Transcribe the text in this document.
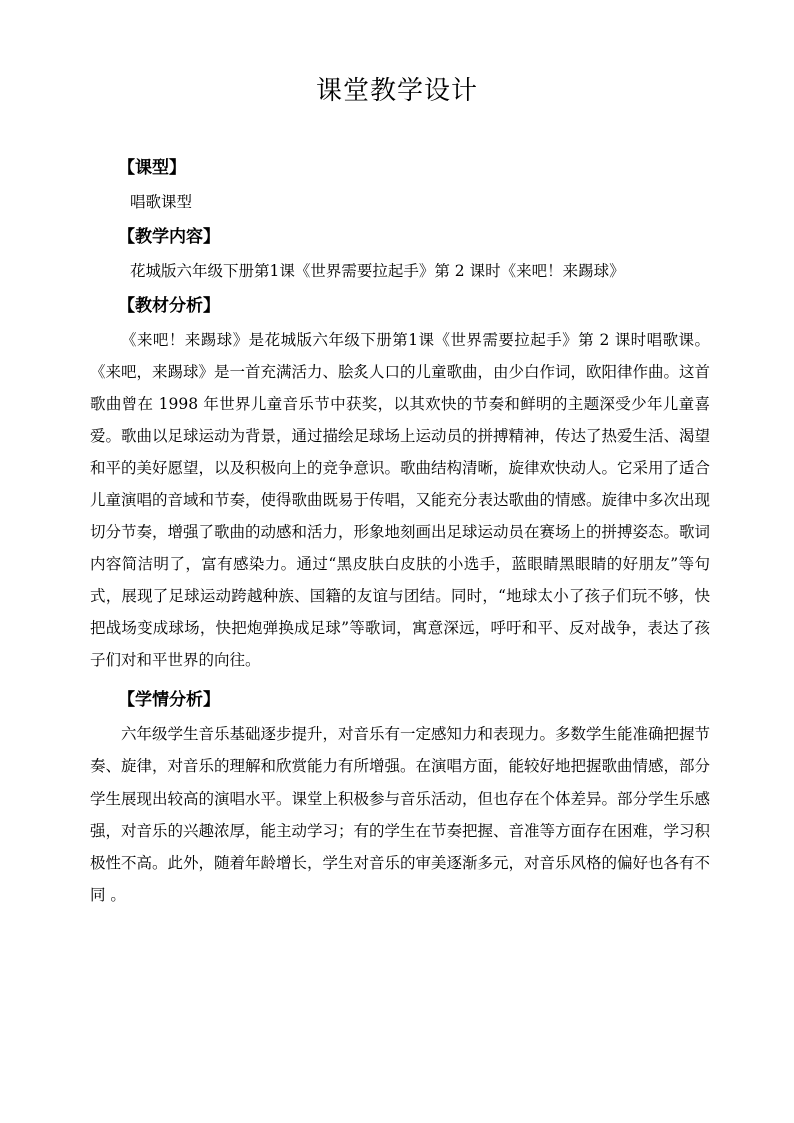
课堂教学设计
【课型】
唱歌课型
【教学内容】
花城版六年级下册第1课《世界需要拉起手》第 2 课时《来吧！来踢球》
【教材分析】

《来吧！来踢球》是花城版六年级下册第1课《世界需要拉起手》第 2 课时唱歌课。《来吧，来踢球》是一首充满活力、脍炙人口的儿童歌曲，由少白作词，欧阳律作曲。这首歌曲曾在 1998 年世界儿童音乐节中获奖，以其欢快的节奏和鲜明的主题深受少年儿童喜爱。歌曲以足球运动为背景，通过描绘足球场上运动员的拼搏精神，传达了热爱生活、渴望和平的美好愿望，以及积极向上的竞争意识。歌曲结构清晰，旋律欢快动人。它采用了适合儿童演唱的音域和节奏，使得歌曲既易于传唱，又能充分表达歌曲的情感。旋律中多次出现切分节奏，增强了歌曲的动感和活力，形象地刻画出足球运动员在赛场上的拼搏姿态。歌词内容简洁明了，富有感染力。通过“黑皮肤白皮肤的小选手，蓝眼睛黑眼睛的好朋友”等句式，展现了足球运动跨越种族、国籍的友谊与团结。同时，“地球太小了孩子们玩不够，快把战场变成球场，快把炮弹换成足球”等歌词，寓意深远，呼吁和平、反对战争，表达了孩子们对和平世界的向往。

【学情分析】

六年级学生音乐基础逐步提升，对音乐有一定感知力和表现力。多数学生能准确把握节奏、旋律，对音乐的理解和欣赏能力有所增强。在演唱方面，能较好地把握歌曲情感，部分学生展现出较高的演唱水平。课堂上积极参与音乐活动，但也存在个体差异。部分学生乐感强，对音乐的兴趣浓厚，能主动学习；有的学生在节奏把握、音准等方面存在困难，学习积极性不高。此外，随着年龄增长，学生对音乐的审美逐渐多元，对音乐风格的偏好也各有不同 。
